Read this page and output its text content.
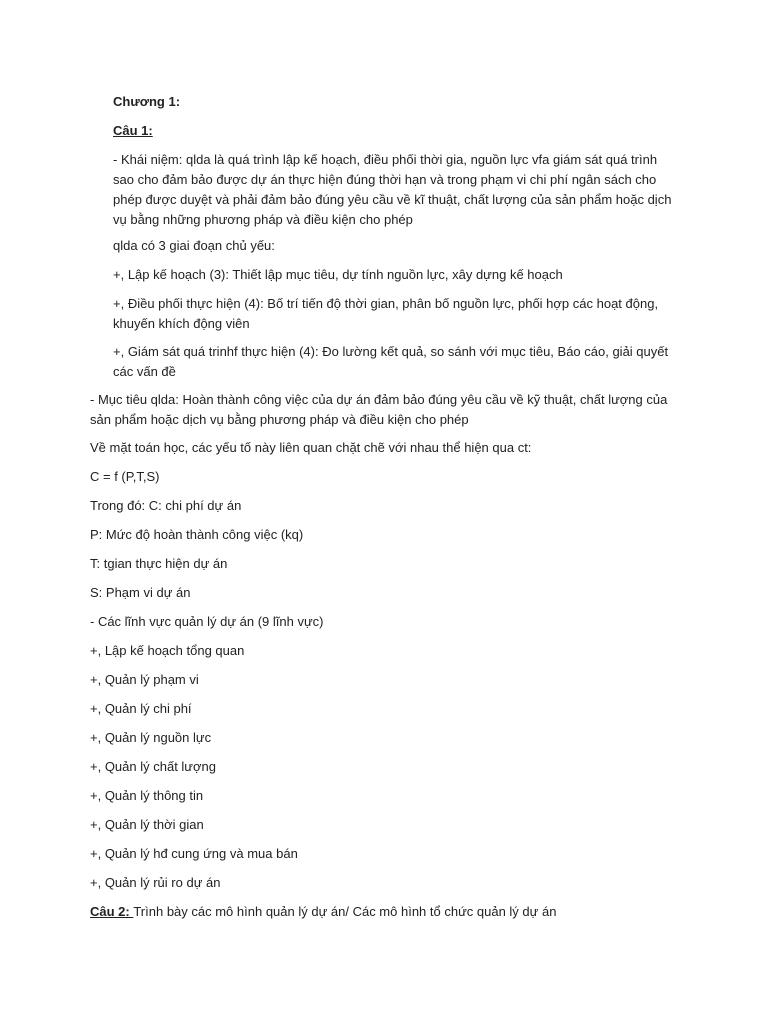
Chương 1:

Câu 1:

- Khái niệm: qlda là quá trình lập kế hoạch, điều phối thời gia, nguồn lực vfa giám sát quá trình sao cho đảm bảo được dự án thực hiện đúng thời hạn và trong phạm vi chi phí ngân sách cho phép được duyệt và phải đảm bảo đúng yêu cầu về kĩ thuật, chất lượng của sản phẩm hoặc dịch vụ bằng những phương pháp và điều kiện cho phép

qlda có 3 giai đoạn chủ yếu:

+, Lập kế hoạch (3): Thiết lập mục tiêu, dự tính nguồn lực, xây dựng kế hoạch

+, Điều phối thực hiện (4): Bố trí tiến độ thời gian, phân bố nguồn lực, phối hợp các hoạt động, khuyến khích động viên

+, Giám sát quá trinhf thực hiện (4): Đo lường kết quả, so sánh với mục tiêu, Báo cáo, giải quyết các vấn đề

- Mục tiêu qlda: Hoàn thành công việc của dự án đảm bảo đúng yêu cầu về kỹ thuật, chất lượng của sản phẩm hoặc dịch vụ bằng phương pháp và điều kiện cho phép

Về mặt toán học, các yếu tố này liên quan chặt chẽ với nhau thể hiện qua ct:

C = f (P,T,S)

Trong đó: C: chi phí dự án

P: Mức độ hoàn thành công việc (kq)

T: tgian thực hiện dự án

S: Phạm vi dự án

- Các lĩnh vực quản lý dự án (9 lĩnh vực)

+, Lập kế hoạch tổng quan

+, Quản lý phạm vi

+, Quản lý chi phí

+, Quản lý nguồn lực

+, Quản lý chất lượng

+, Quản lý thông tin

+, Quản lý thời gian

+, Quản lý hđ cung ứng và mua bán

+, Quản lý rủi ro dự án

Câu 2: Trình bày các mô hình quản lý dự án/ Các mô hình tổ chức quản lý dự án
